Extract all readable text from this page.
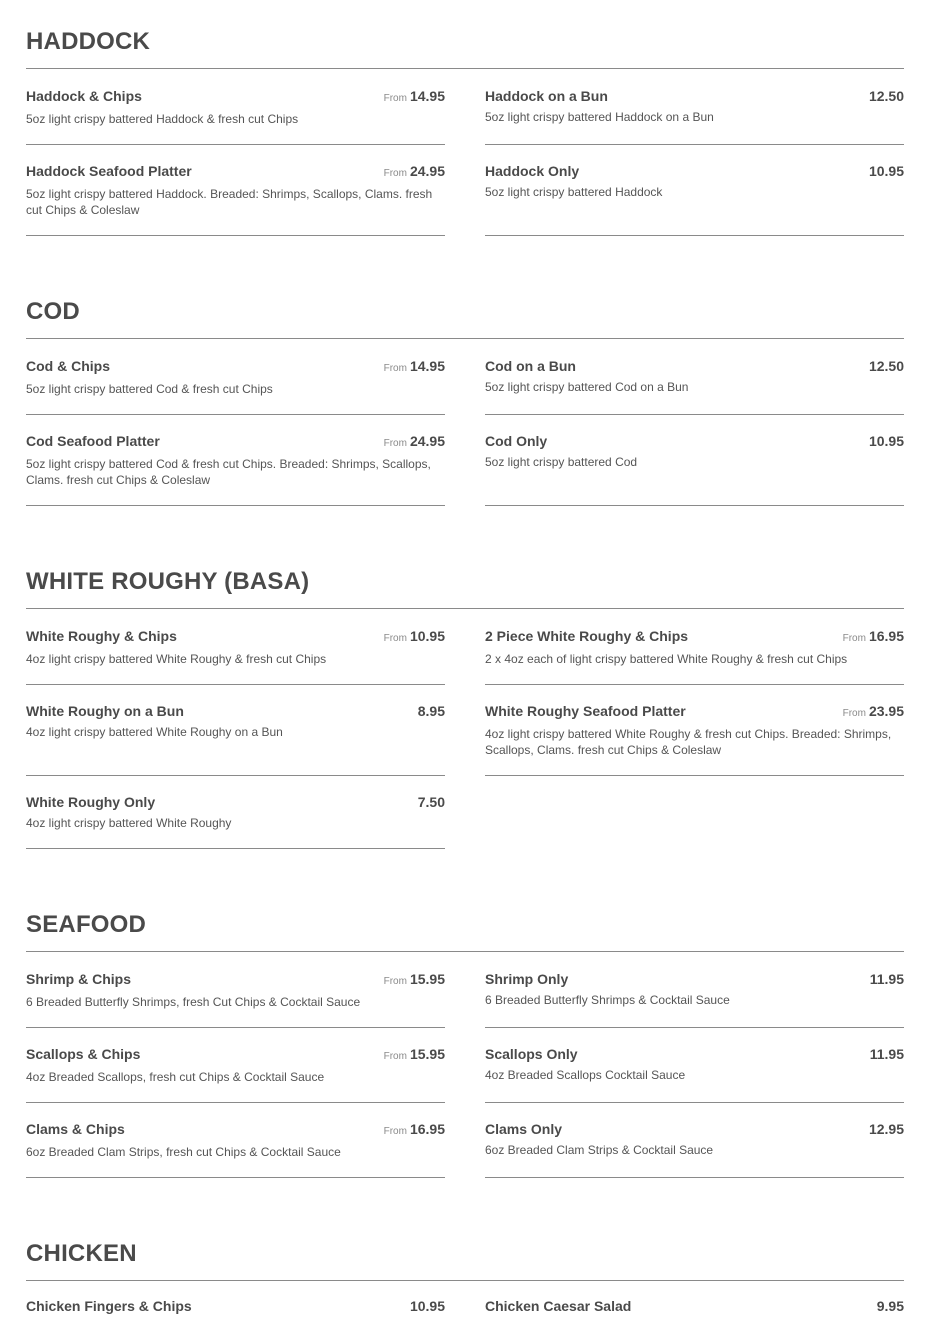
HADDOCK
Haddock & Chips	From 14.95
5oz light crispy battered Haddock & fresh cut Chips
Haddock on a Bun	12.50
5oz light crispy battered Haddock on a Bun
Haddock Seafood Platter	From 24.95
5oz light crispy battered Haddock. Breaded: Shrimps, Scallops, Clams. fresh cut Chips & Coleslaw
Haddock Only	10.95
5oz light crispy battered Haddock
COD
Cod & Chips	From 14.95
5oz light crispy battered Cod & fresh cut Chips
Cod on a Bun	12.50
5oz light crispy battered Cod on a Bun
Cod Seafood Platter	From 24.95
5oz light crispy battered Cod & fresh cut Chips. Breaded: Shrimps, Scallops, Clams. fresh cut Chips & Coleslaw
Cod Only	10.95
5oz light crispy battered Cod
WHITE ROUGHY (BASA)
White Roughy & Chips	From 10.95
4oz light crispy battered White Roughy & fresh cut Chips
2 Piece White Roughy & Chips	From 16.95
2 x 4oz each of light crispy battered White Roughy & fresh cut Chips
White Roughy on a Bun	8.95
4oz light crispy battered White Roughy on a Bun
White Roughy Seafood Platter	From 23.95
4oz light crispy battered White Roughy & fresh cut Chips. Breaded: Shrimps, Scallops, Clams. fresh cut Chips & Coleslaw
White Roughy Only	7.50
4oz light crispy battered White Roughy
SEAFOOD
Shrimp & Chips	From 15.95
6 Breaded Butterfly Shrimps, fresh Cut Chips & Cocktail Sauce
Shrimp Only	11.95
6 Breaded Butterfly Shrimps & Cocktail Sauce
Scallops & Chips	From 15.95
4oz Breaded Scallops, fresh cut Chips & Cocktail Sauce
Scallops Only	11.95
4oz Breaded Scallops Cocktail Sauce
Clams & Chips	From 16.95
6oz Breaded Clam Strips, fresh cut Chips & Cocktail Sauce
Clams Only	12.95
6oz Breaded Clam Strips & Cocktail Sauce
CHICKEN
Chicken Fingers & Chips	10.95	Chicken Caesar Salad	9.95
